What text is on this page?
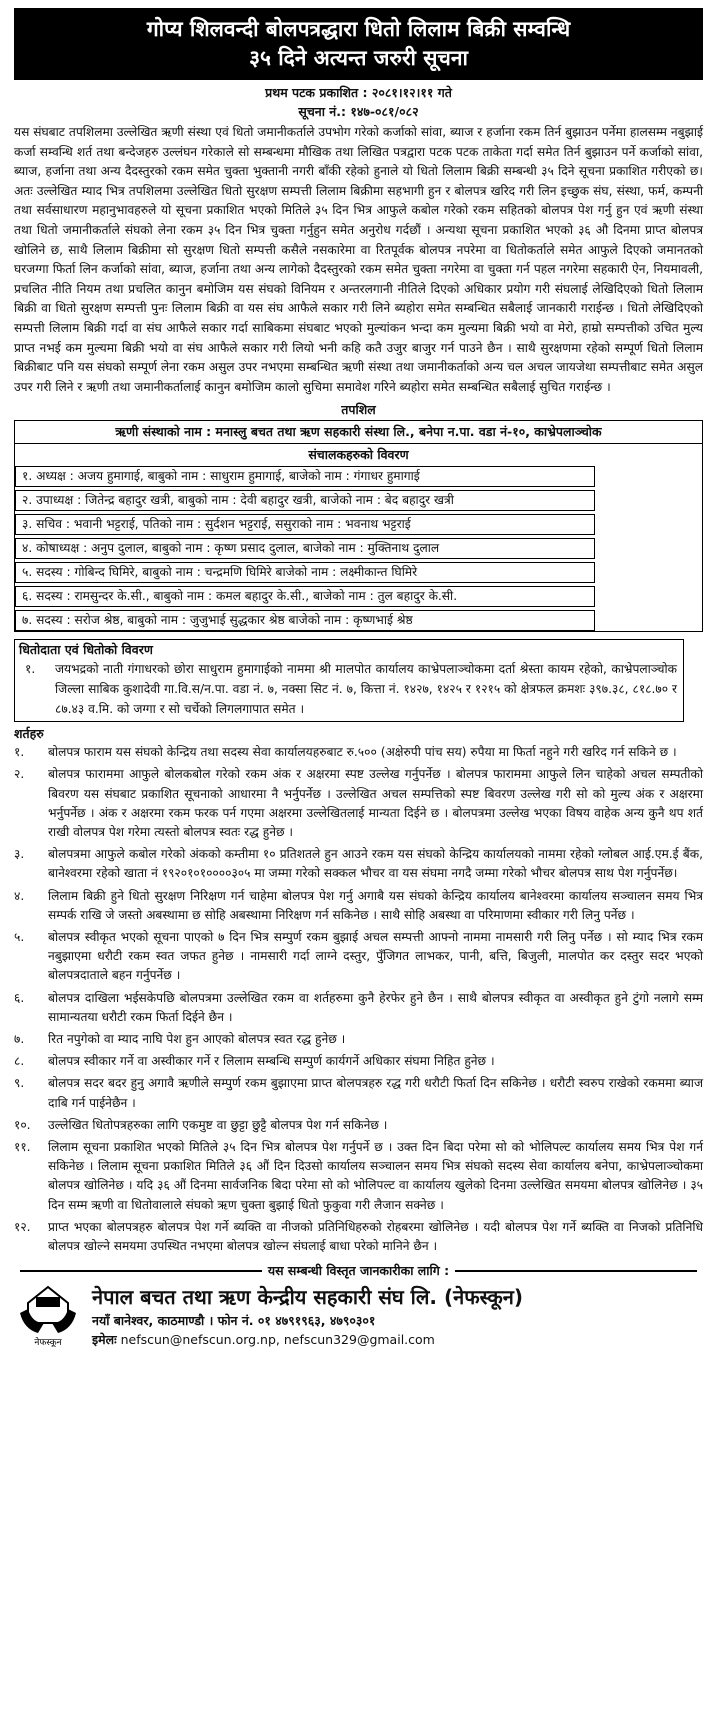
गोप्य शिलवन्दी बोलपत्रद्धारा धितो लिलाम बिक्री सम्वन्धि
३५ दिने अत्यन्त जरुरी सूचना
प्रथम पटक प्रकाशित : २०८१।१२।११ गते
सूचना नं.: १४७-०८१/०८२

यस संघबाट तपशिलमा उल्लेखित ऋणी संस्था एवं धितो जमानीकर्ताले उपभोग गरेको कर्जाको सांवा, ब्याज र हर्जाना रकम तिर्न बुझाउन पर्नेमा हालसम्म नबुझाई कर्जा सम्वन्धि शर्त तथा बन्देजहरु उल्लंघन गरेकाले सो सम्बन्धमा मौखिक तथा लिखित पत्रद्वारा पटक पटक ताकेता गर्दा समेत तिर्न बुझाउन पर्ने कर्जाको सांवा, ब्याज, हर्जाना तथा अन्य दैदस्तुरको रकम समेत चुक्ता भुक्तानी नगरी बाँकी रहेको हुनाले यो धितो लिलाम बिक्री सम्बन्धी ३५ दिने सूचना प्रकाशित गरीएको छ। अतः उल्लेखित म्याद भित्र तपशिलमा उल्लेखित धितो सुरक्षण सम्पत्ती लिलाम बिक्रीमा सहभागी हुन र बोलपत्र खरिद गरी लिन इच्छुक संघ, संस्था, फर्म, कम्पनी तथा सर्वसाधारण महानुभावहरुले यो सूचना प्रकाशित भएको मितिले ३५ दिन भित्र आफुले कबोल गरेको रकम सहितको बोलपत्र पेश गर्नु हुन एवं ऋणी संस्था तथा धितो जमानीकर्ताले संघको लेना रकम ३५ दिन भित्र चुक्ता गर्नुहुन समेत अनुरोध गर्दछौं । अन्यथा सूचना प्रकाशित भएको ३६ औ दिनमा प्राप्त बोलपत्र खोलिने छ, साथै लिलाम बिक्रीमा सो सुरक्षण धितो सम्पत्ती कसैले नसकारेमा वा रितपूर्वक बोलपत्र नपरेमा वा धितोकर्ताले समेत आफुले दिएको जमानतको घरजग्गा फिर्ता लिन कर्जाको सांवा, ब्याज, हर्जाना तथा अन्य लागेको दैदस्तुरको रकम समेत चुक्ता नगरेमा वा चुक्ता गर्न पहल नगरेमा सहकारी ऐन, नियमावली, प्रचलित नीति नियम तथा प्रचलित कानुन बमोजिम यस संघको विनियम र अन्तरलगानी नीतिले दिएको अधिकार प्रयोग गरी संघलाई लेखिदिएको धितो लिलाम बिक्री वा धितो सुरक्षण सम्पत्ती पुनः लिलाम बिक्री वा यस संघ आफैले सकार गरी लिने ब्यहोरा समेत सम्बन्धित सबैलाई जानकारी गराईन्छ । धितो लेखिदिएको सम्पत्ती लिलाम बिक्री गर्दा वा संघ आफैले सकार गर्दा साबिकमा संघबाट भएको मुल्यांकन भन्दा कम मुल्यमा बिक्री भयो वा मेरो, हाम्रो सम्पत्तीको उचित मुल्य प्राप्त नभई कम मुल्यमा बिक्री भयो वा संघ आफैले सकार गरी लियो भनी कहि कतै उजुर बाजुर गर्न पाउने छैन । साथै सुरक्षणमा रहेको सम्पूर्ण धितो लिलाम बिक्रीबाट पनि यस संघको सम्पूर्ण लेना रकम असुल उपर नभएमा सम्बन्धित ऋणी संस्था तथा जमानीकर्ताको अन्य चल अचल जायजेथा सम्पत्तीबाट समेत असुल उपर गरी लिने र ऋणी तथा जमानीकर्तालाई कानुन बमोजिम कालो सुचिमा समावेश गरिने ब्यहोरा समेत सम्बन्धित सबैलाई सुचित गराईन्छ ।

तपशिल
ऋणी संस्थाको नाम : मनास्लु बचत तथा ऋण सहकारी संस्था लि., बनेपा न.पा. वडा नं-१०, काभ्रेपलाञ्चोक
संचालकहरुको विवरण
१. अध्यक्ष : अजय हुमागाई, बाबुको नाम : साधुराम हुमागाई, बाजेको नाम : गंगाधर हुमागाई
२. उपाध्यक्ष : जितेन्द्र बहादुर खत्री, बाबुको नाम : देवी बहादुर खत्री, बाजेको नाम : बेद बहादुर खत्री
३. सचिव : भवानी भट्टराई, पतिको नाम : सुर्दशन भट्टराई, ससुराको नाम : भवनाथ भट्टराई
४. कोषाध्यक्ष : अनुप दुलाल, बाबुको नाम : कृष्ण प्रसाद दुलाल, बाजेको नाम : मुक्तिनाथ दुलाल
५. सदस्य : गोबिन्द घिमिरे, बाबुको नाम : चन्द्रमणि घिमिरे बाजेको नाम : लक्ष्मीकान्त घिमिरे
६. सदस्य : रामसुन्दर के.सी., बाबुको नाम : कमल बहादुर के.सी., बाजेको नाम : तुल बहादुर के.सी.
७. सदस्य : सरोज श्रेष्ठ, बाबुको नाम : जुजुभाई सुद्धकार श्रेष्ठ बाजेको नाम : कृष्णभाई श्रेष्ठ
धितोदाता एवं धितोको विवरण
१.	जयभद्रको नाती गंगाधरको छोरा साधुराम हुमागाईको नाममा श्री मालपोत कार्यालय काभ्रेपलाञ्चोकमा दर्ता श्रेस्ता कायम रहेको, काभ्रेपलाञ्चोक जिल्ला साबिक कुशादेवी गा.वि.स/न.पा. वडा नं. ७, नक्सा सिट नं. ७, कित्ता नं. १४२७, १४२५ र १२१५ को क्षेत्रफल क्रमशः ३९७.३८, ८१८.७० र ८७.४३ व.मि. को जग्गा र सो चर्चेको लिगलगापात समेत ।
शर्तहरु
१.	बोलपत्र फाराम यस संघको केन्द्रिय तथा सदस्य सेवा कार्यालयहरुबाट रु.५०० (अक्षेरुपी पांच सय) रुपैया मा फिर्ता नहुने गरी खरिद गर्न सकिने छ ।
२.	बोलपत्र फाराममा आफुले बोलकबोल गरेको रकम अंक र अक्षरमा स्पष्ट उल्लेख गर्नुपर्नेछ । बोलपत्र फाराममा आफुले लिन चाहेको अचल सम्पतीको बिवरण यस संघबाट प्रकाशित सूचनाको आधारमा नै भर्नुपर्नेछ । उल्लेखित अचल सम्पत्तिको स्पष्ट बिवरण उल्लेख गरी सो को मुल्य अंक र अक्षरमा भर्नुपर्नेछ । अंक र अक्षरमा रकम फरक पर्न गएमा अक्षरमा उल्लेखितलाई मान्यता दिईने छ । बोलपत्रमा उल्लेख भएका विषय वाहेक अन्य कुनै थप शर्त राखी वोलपत्र पेश गरेमा त्यस्तो बोलपत्र स्वतः रद्ध हुनेछ ।
३.	बोलपत्रमा आफुले कबोल गरेको अंकको कम्तीमा १० प्रतिशतले हुन आउने रकम यस संघको केन्द्रिय कार्यालयको नाममा रहेको ग्लोबल आई.एम.ई बैंक, बानेश्वरमा रहेको खाता नं १९२०१०१००००३०५ मा जम्मा गरेको सक्कल भौचर वा यस संघमा नगदै जम्मा गरेको भौचर बोलपत्र साथ पेश गर्नुपर्नेछ।
४.	लिलाम बिक्री हुने धितो सुरक्षण निरिक्षण गर्न चाहेमा बोलपत्र पेश गर्नु अगाबै यस संघको केन्द्रिय कार्यालय बानेश्वरमा कार्यालय सञ्चालन समय भित्र सम्पर्क राखि जे जस्तो अबस्थामा छ सोहि अबस्थामा निरिक्षण गर्न सकिनेछ । साथै सोहि अबस्था वा परिमाणमा स्वीकार गरी लिनु पर्नेछ ।
५.	बोलपत्र स्वीकृत भएको सूचना पाएको ७ दिन भित्र सम्पुर्ण रकम बुझाई अचल सम्पत्ती आफ्नो नाममा नामसारी गरी लिनु पर्नेछ । सो म्याद भित्र रकम नबुझाएमा धरौटी रकम स्वत जफत हुनेछ । नामसारी गर्दा लाग्ने दस्तुर, पुँजिगत लाभकर, पानी, बत्ति, बिजुली, मालपोत कर दस्तुर सदर भएको बोलपत्रदाताले बहन गर्नुपर्नेछ ।
६.	बोलपत्र दाखिला भईसकेपछि बोलपत्रमा उल्लेखित रकम वा शर्तहरुमा कुनै हेरफेर हुने छैन । साथै बोलपत्र स्वीकृत वा अस्वीकृत हुने टुंगो नलागे सम्म सामान्यतया धरौटी रकम फिर्ता दिईने छैन ।
७.	रित नपुगेको वा म्याद नाघि पेश हुन आएको बोलपत्र स्वत रद्ध हुनेछ ।
८.	बोलपत्र स्वीकार गर्ने वा अस्वीकार गर्ने र लिलाम सम्बन्धि सम्पुर्ण कार्यगर्ने अधिकार संघमा निहित हुनेछ ।
९.	बोलपत्र सदर बदर हुनु अगावै ऋणीले सम्पुर्ण रकम बुझाएमा प्राप्त बोलपत्रहरु रद्ध गरी धरौटी फिर्ता दिन सकिनेछ । धरौटी स्वरुप राखेको रकममा ब्याज दाबि गर्न पाईनेछैन ।
१०.	उल्लेखित धितोपत्रहरुका लागि एकमुष्ट वा छुट्टा छुट्टै बोलपत्र पेश गर्न सकिनेछ ।
११.	लिलाम सूचना प्रकाशित भएको मितिले ३५ दिन भित्र बोलपत्र पेश गर्नुपर्ने छ । उक्त दिन बिदा परेमा सो को भोलिपल्ट कार्यालय समय भित्र पेश गर्न सकिनेछ । लिलाम सूचना प्रकाशित मितिले ३६ औं दिन दिउसो कार्यालय सञ्चालन समय भित्र संघको सदस्य सेवा कार्यालय बनेपा, काभ्रेपलाञ्चोकमा बोलपत्र खोलिनेछ । यदि ३६ औं दिनमा सार्वजनिक बिदा परेमा सो को भोलिपल्ट वा कार्यालय खुलेको दिनमा उल्लेखित समयमा बोलपत्र खोलिनेछ । ३५ दिन सम्म ऋणी वा धितोवालाले संघको ऋण चुक्ता बुझाई धितो फुकुवा गरी लैजान सक्नेछ ।
१२.	प्राप्त भएका बोलपत्रहरु बोलपत्र पेश गर्ने ब्यक्ति वा नीजको प्रतिनिधिहरुको रोहबरमा खोलिनेछ । यदी बोलपत्र पेश गर्ने ब्यक्ति वा निजको प्रतिनिधि बोलपत्र खोल्ने समयमा उपस्थित नभएमा बोलपत्र खोल्न संघलाई बाधा परेको मानिने छैन ।
यस सम्बन्धी विस्तृत जानकारीका लागि :
नेफस्कून
नेपाल बचत तथा ऋण केन्द्रीय सहकारी संघ लि. (नेफस्कून)
नयाँ बानेश्वर, काठमाण्डौ । फोन नं. ०१ ४७९१९६३, ४७९०३०१
इमेलः nefscun@nefscun.org.np, nefscun329@gmail.com
